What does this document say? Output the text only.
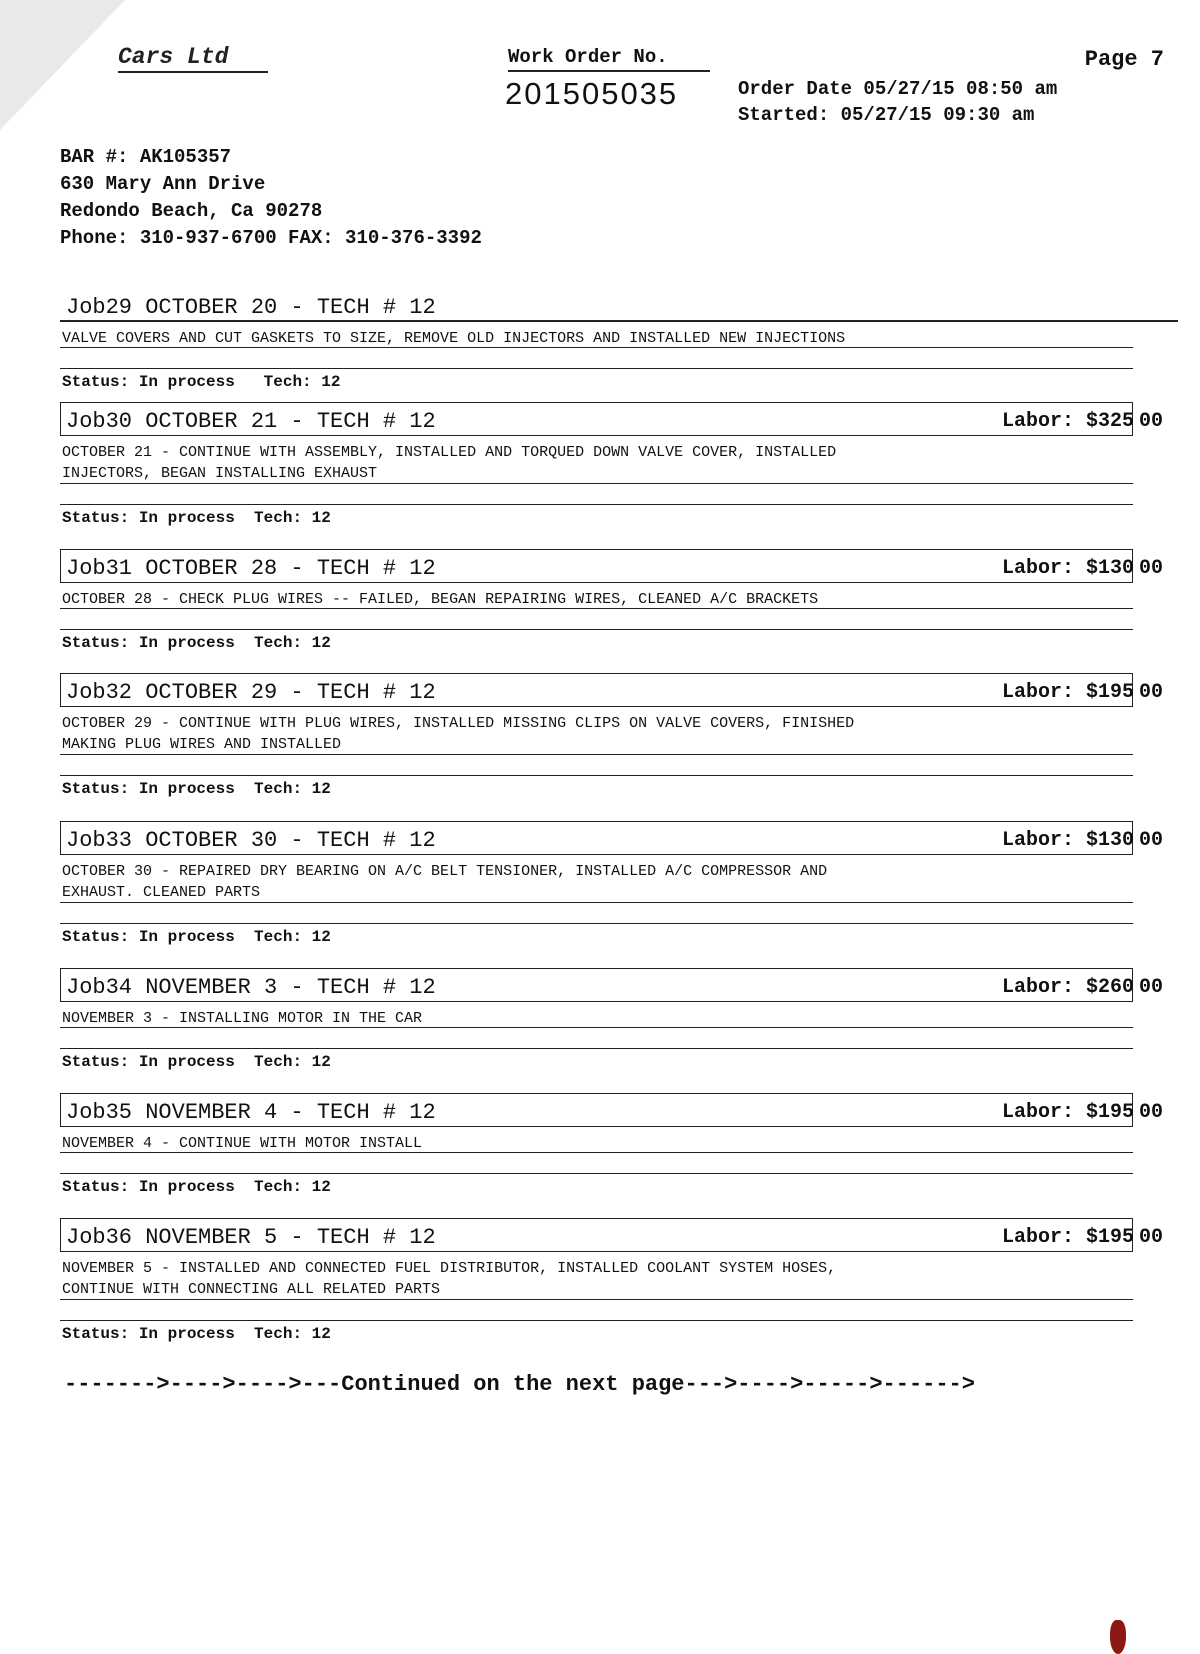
Cars Ltd	Work Order No.
201505035
Page 7
Order Date 05/27/15 08:50 am
Started: 05/27/15 09:30 am
BAR #: AK105357
630 Mary Ann Drive
Redondo Beach, Ca 90278
Phone: 310-937-6700 FAX: 310-376-3392
Job29 OCTOBER 20 - TECH # 12
VALVE COVERS AND CUT GASKETS TO SIZE, REMOVE OLD INJECTORS AND INSTALLED NEW INJECTIONS
Status: In process Tech: 12
Job30 OCTOBER 21 - TECH # 12	Labor: $325 00
OCTOBER 21 - CONTINUE WITH ASSEMBLY, INSTALLED AND TORQUED DOWN VALVE COVER, INSTALLED
INJECTORS, BEGAN INSTALLING EXHAUST
Status: In process Tech: 12
Job31 OCTOBER 28 - TECH # 12	Labor: $130 00
OCTOBER 28 - CHECK PLUG WIRES -- FAILED, BEGAN REPAIRING WIRES, CLEANED A/C BRACKETS
Status: In process Tech: 12
Job32 OCTOBER 29 - TECH # 12	Labor: $195 00
OCTOBER 29 - CONTINUE WITH PLUG WIRES, INSTALLED MISSING CLIPS ON VALVE COVERS, FINISHED
MAKING PLUG WIRES AND INSTALLED
Status: In process Tech: 12
Job33 OCTOBER 30 - TECH # 12	Labor: $130 00
OCTOBER 30 - REPAIRED DRY BEARING ON A/C BELT TENSIONER, INSTALLED A/C COMPRESSOR AND
EXHAUST. CLEANED PARTS
Status: In process Tech: 12
Job34 NOVEMBER 3 - TECH # 12	Labor: $260 00
NOVEMBER 3 - INSTALLING MOTOR IN THE CAR
Status: In process Tech: 12
Job35 NOVEMBER 4 - TECH # 12	Labor: $195 00
NOVEMBER 4 - CONTINUE WITH MOTOR INSTALL
Status: In process Tech: 12
Job36 NOVEMBER 5 - TECH # 12	Labor: $195 00
NOVEMBER 5 - INSTALLED AND CONNECTED FUEL DISTRIBUTOR, INSTALLED COOLANT SYSTEM HOSES,
CONTINUE WITH CONNECTING ALL RELATED PARTS
Status: In process Tech: 12
------->---->---->---Continued on the next page--->---->----->------>
